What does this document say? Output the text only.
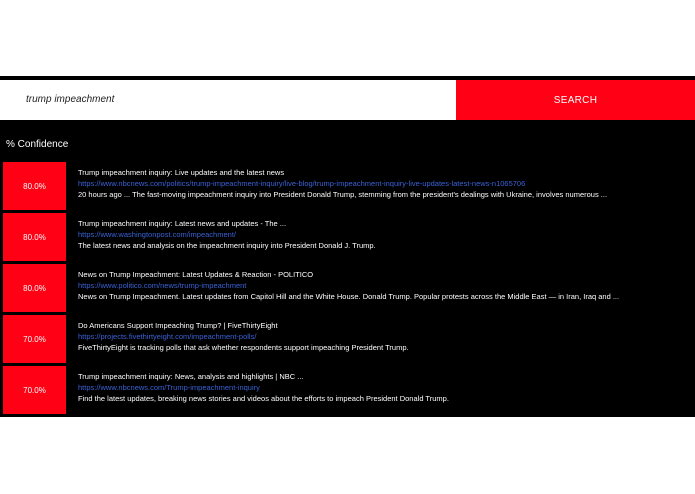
trump impeachment
SEARCH
% Confidence
80.0%
Trump impeachment inquiry: Live updates and the latest news
https://www.nbcnews.com/politics/trump-impeachment-inquiry/live-blog/trump-impeachment-inquiry-live-updates-latest-news-n1065706
20 hours ago ... The fast-moving impeachment inquiry into President Donald Trump, stemming from the president's dealings with Ukraine, involves numerous ...
80.0%
Trump impeachment inquiry: Latest news and updates - The ...
https://www.washingtonpost.com/impeachment/
The latest news and analysis on the impeachment inquiry into President Donald J. Trump.
80.0%
News on Trump Impeachment: Latest Updates & Reaction - POLITICO
https://www.politico.com/news/trump-impeachment
News on Trump Impeachment. Latest updates from Capitol Hill and the White House. Donald Trump. Popular protests across the Middle East — in Iran, Iraq and ...
70.0%
Do Americans Support Impeaching Trump? | FiveThirtyEight
https://projects.fivethirtyeight.com/impeachment-polls/
FiveThirtyEight is tracking polls that ask whether respondents support impeaching President Trump.
70.0%
Trump impeachment inquiry: News, analysis and highlights | NBC ...
https://www.nbcnews.com/Trump-impeachment-inquiry
Find the latest updates, breaking news stories and videos about the efforts to impeach President Donald Trump.
